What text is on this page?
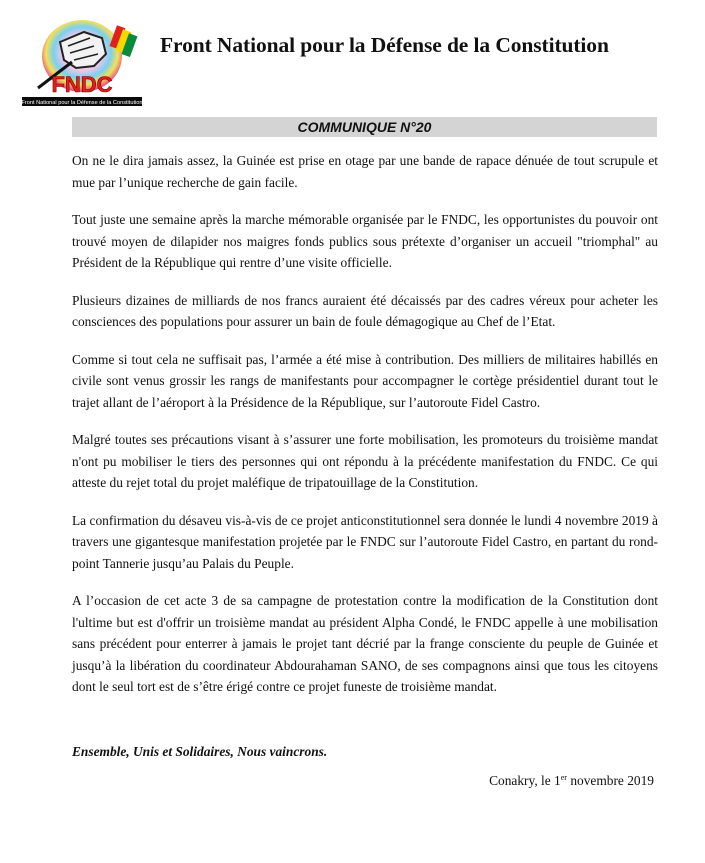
FNDC
Front National pour la Défense de la Constitution
Front National pour la Défense de la Constitution
COMMUNIQUE N°20

On ne le dira jamais assez, la Guinée est prise en otage par une bande de rapace dénuée de tout scrupule et mue par l’unique recherche de gain facile.

Tout juste une semaine après la marche mémorable organisée par le FNDC, les opportunistes du pouvoir ont trouvé moyen de dilapider nos maigres fonds publics sous prétexte d’organiser un accueil "triomphal" au Président de la République qui rentre d’une visite officielle.

Plusieurs dizaines de milliards de nos francs auraient été décaissés par des cadres véreux pour acheter les consciences des populations pour assurer un bain de foule démagogique au Chef de l’Etat.

Comme si tout cela ne suffisait pas, l’armée a été mise à contribution. Des milliers de militaires habillés en civile sont venus grossir les rangs de manifestants pour accompagner le cortège présidentiel durant tout le trajet allant de l’aéroport à la Présidence de la République, sur l’autoroute Fidel Castro.

Malgré toutes ses précautions visant à s’assurer une forte mobilisation, les promoteurs du troisième mandat n'ont pu mobiliser le tiers des personnes qui ont répondu à la précédente manifestation du FNDC. Ce qui atteste du rejet total du projet maléfique de tripatouillage de la Constitution.

La confirmation du désaveu vis-à-vis de ce projet anticonstitutionnel sera donnée le lundi 4 novembre 2019 à travers une gigantesque manifestation projetée par le FNDC sur l’autoroute Fidel Castro, en partant du rond-point Tannerie jusqu’au Palais du Peuple.

A l’occasion de cet acte 3 de sa campagne de protestation contre la modification de la Constitution dont l'ultime but est d'offrir un troisième mandat au président Alpha Condé, le FNDC appelle à une mobilisation sans précédent pour enterrer à jamais le projet tant décrié par la frange consciente du peuple de Guinée et jusqu’à la libération du coordinateur Abdourahaman SANO, de ses compagnons ainsi que tous les citoyens dont le seul tort est de s’être érigé contre ce projet funeste de troisième mandat.

Ensemble, Unis et Solidaires, Nous vaincrons.
Conakry, le 1er novembre 2019
